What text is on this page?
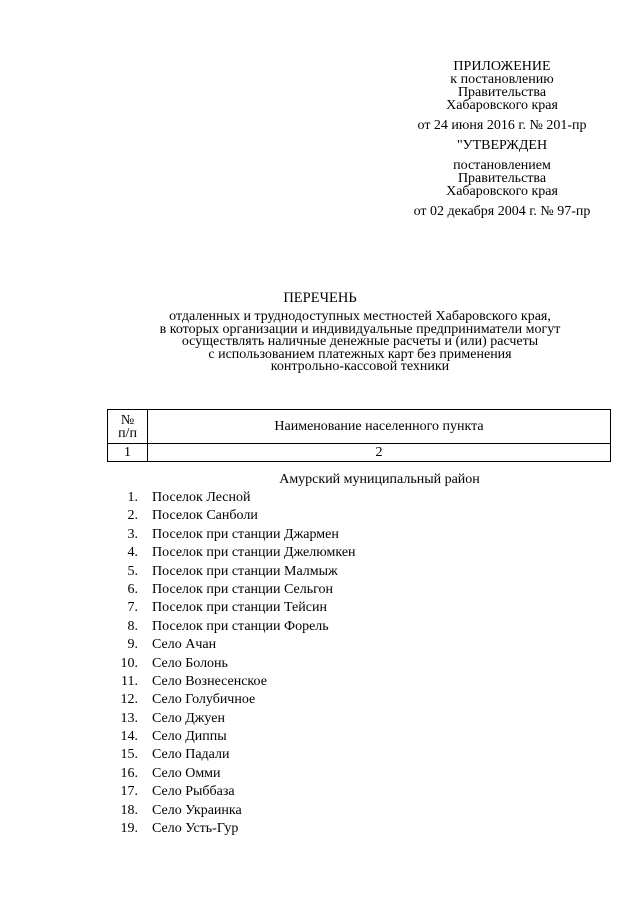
ПРИЛОЖЕНИЕ
к постановлению
Правительства
Хабаровского края
от 24 июня 2016 г. № 201-пр
"УТВЕРЖДЕН
постановлением
Правительства
Хабаровского края
от 02 декабря 2004 г. № 97-пр
ПЕРЕЧЕНЬ
отдаленных и труднодоступных местностей Хабаровского края,
в которых организации и индивидуальные предприниматели могут
осуществлять наличные денежные расчеты и (или) расчеты
с использованием платежных карт без применения
контрольно-кассовой техники
№
п/п	Наименование населенного пункта
1	2
Амурский муниципальный район
1. Поселок Лесной
2. Поселок Санболи
3. Поселок при станции Джармен
4. Поселок при станции Джелюмкен
5. Поселок при станции Малмыж
6. Поселок при станции Сельгон
7. Поселок при станции Тейсин
8. Поселок при станции Форель
9. Село Ачан
10. Село Болонь
11. Село Вознесенское
12. Село Голубичное
13. Село Джуен
14. Село Диппы
15. Село Падали
16. Село Омми
17. Село Рыббаза
18. Село Украинка
19. Село Усть-Гур
